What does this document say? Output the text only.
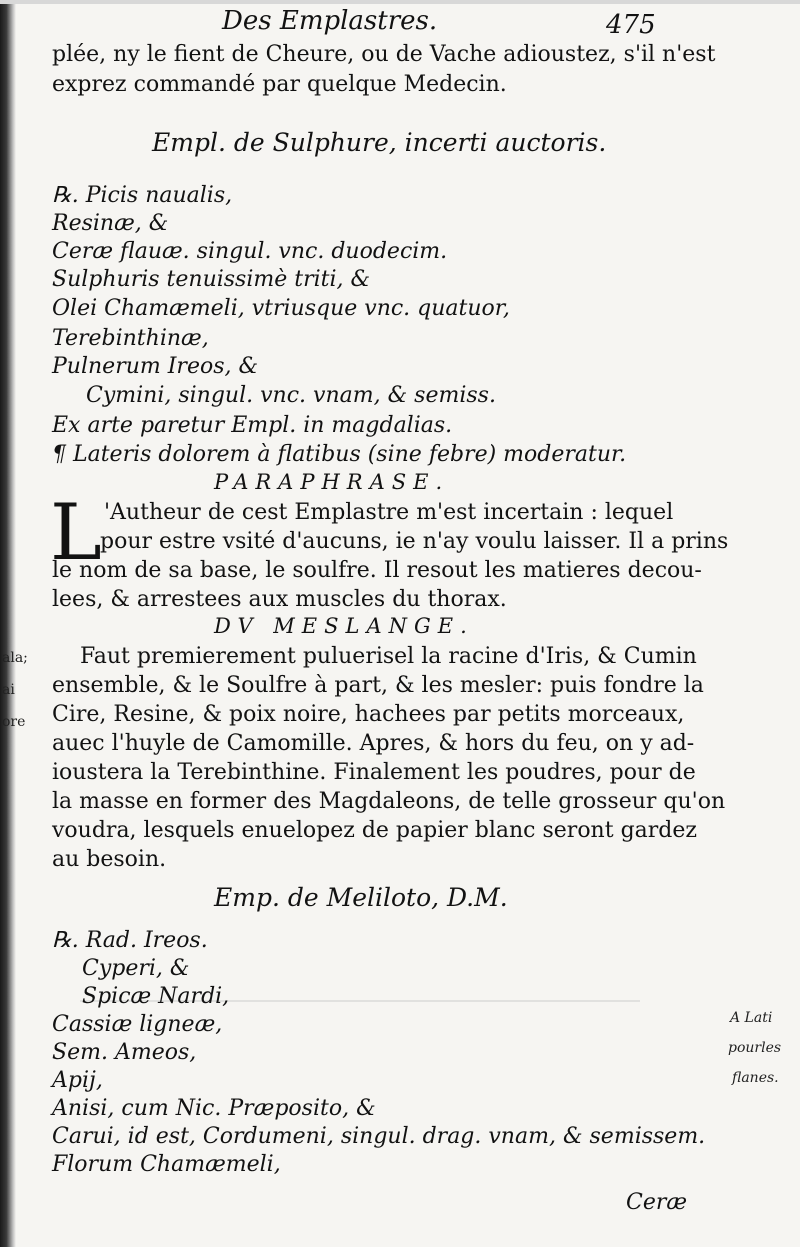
Des Emplastres.	475
plée, ny le fient de Cheure, ou de Vache adioustez, s'il n'est
exprez commandé par quelque Medecin.
Empl. de Sulphure, incerti auctoris.
℞. Picis naualis,
Resinæ, &
Ceræ flauæ. singul. vnc. duodecim.
Sulphuris tenuissimè triti, &
Olei Chamæmeli, vtriusque vnc. quatuor,
Terebinthinæ,
Pulnerum Ireos, &
Cymini, singul. vnc. vnam, & semiss.
Ex arte paretur Empl. in magdalias.
¶ Lateris dolorem à flatibus (sine febre) moderatur.
PARAPHRASE.
L 'Autheur de cest Emplastre m'est incertain : lequel
pour estre vsité d'aucuns, ie n'ay voulu laisser. Il a prins
le nom de sa base, le soulfre. Il resout les matieres decou-
lees, & arrestees aux muscles du thorax.
DV MESLANGE.
Faut premierement puluerisel la racine d'Iris, & Cumin
ensemble, & le Soulfre à part, & les mesler: puis fondre la
Cire, Resine, & poix noire, hachees par petits morceaux,
auec l'huyle de Camomille. Apres, & hors du feu, on y ad-
ioustera la Terebinthine. Finalement les poudres, pour de
la masse en former des Magdaleons, de telle grosseur qu'on
voudra, lesquels enuelopez de papier blanc seront gardez
au besoin.
Emp. de Meliloto, D.M.
℞. Rad. Ireos.
Cyperi, &
Spicæ Nardi,
Cassiæ ligneæ,
Sem. Ameos,
Apij,
Anisi, cum Nic. Præposito, &
Carui, id est, Cordumeni, singul. drag. vnam, & semissem.
Florum Chamæmeli,
Ceræ
ala;
ai
ore
A Lati
pourles
flanes.
